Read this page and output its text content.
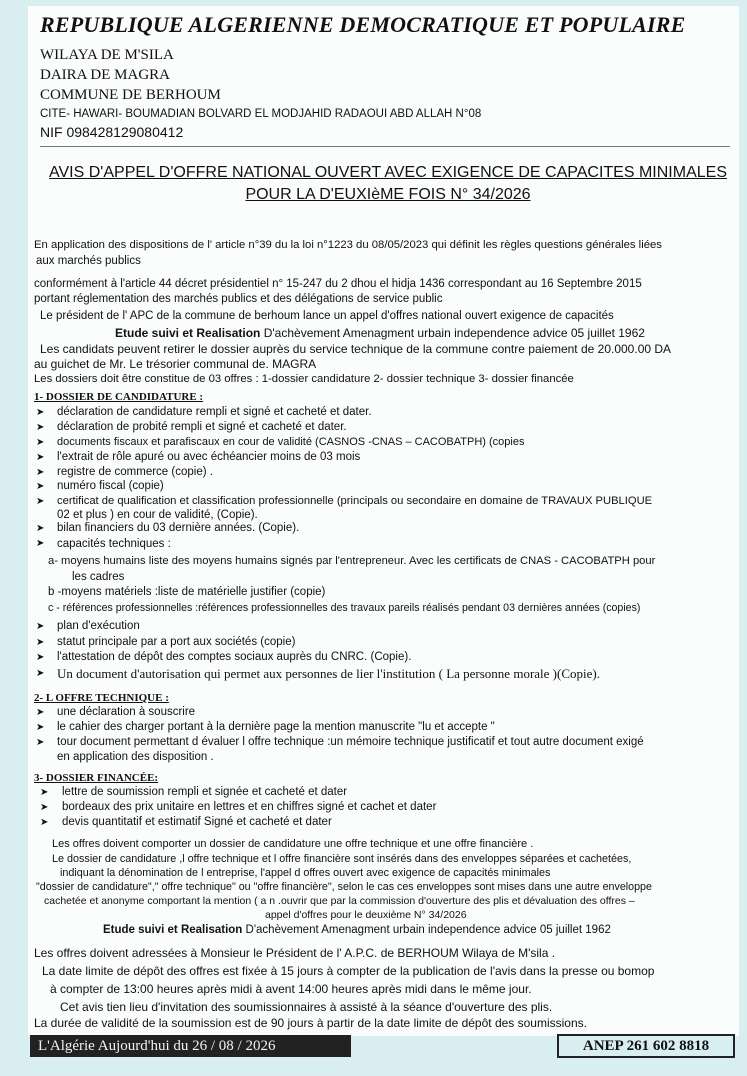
REPUBLIQUE ALGERIENNE DEMOCRATIQUE ET POPULAIRE
WILAYA DE M'SILA
DAIRA DE MAGRA
COMMUNE DE BERHOUM
CITE- HAWARI- BOUMADIAN BOLVARD EL MODJAHID RADAOUI ABD ALLAH N°08
NIF 098428129080412
AVIS D'APPEL D'OFFRE NATIONAL OUVERT AVEC EXIGENCE DE CAPACITES MINIMALES
POUR LA D'EUXIèME FOIS N° 34/2026
En application des dispositions de l' article n°39 du la loi n°1223 du 08/05/2023 qui définit les règles questions générales liées
aux marchés publics
conformément à l'article 44 décret présidentiel n° 15-247 du 2 dhou el hidja 1436 correspondant au 16 Septembre 2015
portant réglementation des marchés publics et des délégations de service public
Le président de l' APC de la commune de berhoum lance un appel d'offres national ouvert exigence de capacités
Etude suivi et Realisation D'achèvement Amenagment urbain independence advice 05 juillet 1962
Les candidats peuvent retirer le dossier auprès du service technique de la commune contre paiement de 20.000.00 DA
au guichet de Mr. Le trésorier communal de. MAGRA
Les dossiers doit être constitue de 03 offres : 1-dossier candidature 2- dossier technique 3- dossier financée
1- DOSSIER DE CANDIDATURE :
➤ déclaration de candidature rempli et signé et cacheté et dater.
➤ déclaration de probité rempli et signé et cacheté et dater.
➤ documents fiscaux et parafiscaux en cour de validité (CASNOS -CNAS – CACOBATPH) (copies
➤ l'extrait de rôle apuré ou avec échéancier moins de 03 mois
➤ registre de commerce (copie) .
➤ numéro fiscal (copie)
➤ certificat de qualification et classification professionnelle (principals ou secondaire en domaine de TRAVAUX PUBLIQUE
02 et plus ) en cour de validité, (Copie).
➤ bilan financiers du 03 dernière années. (Copie).
➤ capacités techniques :
a- moyens humains liste des moyens humains signés par l'entrepreneur. Avec les certificats de CNAS - CACOBATPH pour
les cadres
b -moyens matériels :liste de matérielle justifier (copie)
c - références professionnelles :références professionnelles des travaux pareils réalisés pendant 03 dernières années (copies)
➤ plan d'exécution
➤ statut principale par a port aux sociétés (copie)
➤ l'attestation de dépôt des comptes sociaux auprès du CNRC. (Copie).
➤ Un document d'autorisation qui permet aux personnes de lier l'institution ( La personne morale )(Copie).
2- L OFFRE TECHNIQUE :
➤ une déclaration à souscrire
➤ le cahier des charger portant à la dernière page la mention manuscrite "lu et accepte "
➤ tour document permettant d évaluer l offre technique :un mémoire technique justificatif et tout autre document exigé
en application des disposition .
3- DOSSIER FINANCÉE:
➤ lettre de soumission rempli et signée et cacheté et dater
➤ bordeaux des prix unitaire en lettres et en chiffres signé et cachet et dater
➤ devis quantitatif et estimatif Signé et cacheté et dater
Les offres doivent comporter un dossier de candidature une offre technique et une offre financière .
Le dossier de candidature ,l offre technique et l offre financière sont insérés dans des enveloppes séparées et cachetées,
indiquant la dénomination de l entreprise, l'appel d offres ouvert avec exigence de capacités minimales
"dossier de candidature"," offre technique" ou "offre financière", selon le cas ces enveloppes sont mises dans une autre enveloppe
cachetée et anonyme comportant la mention ( a n .ouvrir que par la commission d'ouverture des plis et dévaluation des offres –
appel d'offres pour le deuxième N° 34/2026
Etude suivi et Realisation D'achèvement Amenagment urbain independence advice 05 juillet 1962
Les offres doivent adressées à Monsieur le Président de l' A.P.C. de BERHOUM Wilaya de M'sila .
La date limite de dépôt des offres est fixée à 15 jours à compter de la publication de l'avis dans la presse ou bomop
à compter de 13:00 heures après midi à avent 14:00 heures après midi dans le même jour.
Cet avis tien lieu d'invitation des soumissionnaires à assisté à la séance d'ouverture des plis.
La durée de validité de la soumission est de 90 jours à partir de la date limite de dépôt des soumissions.
L'Algérie Aujourd'hui du 26 / 08 / 2026	ANEP 261 602 8818
